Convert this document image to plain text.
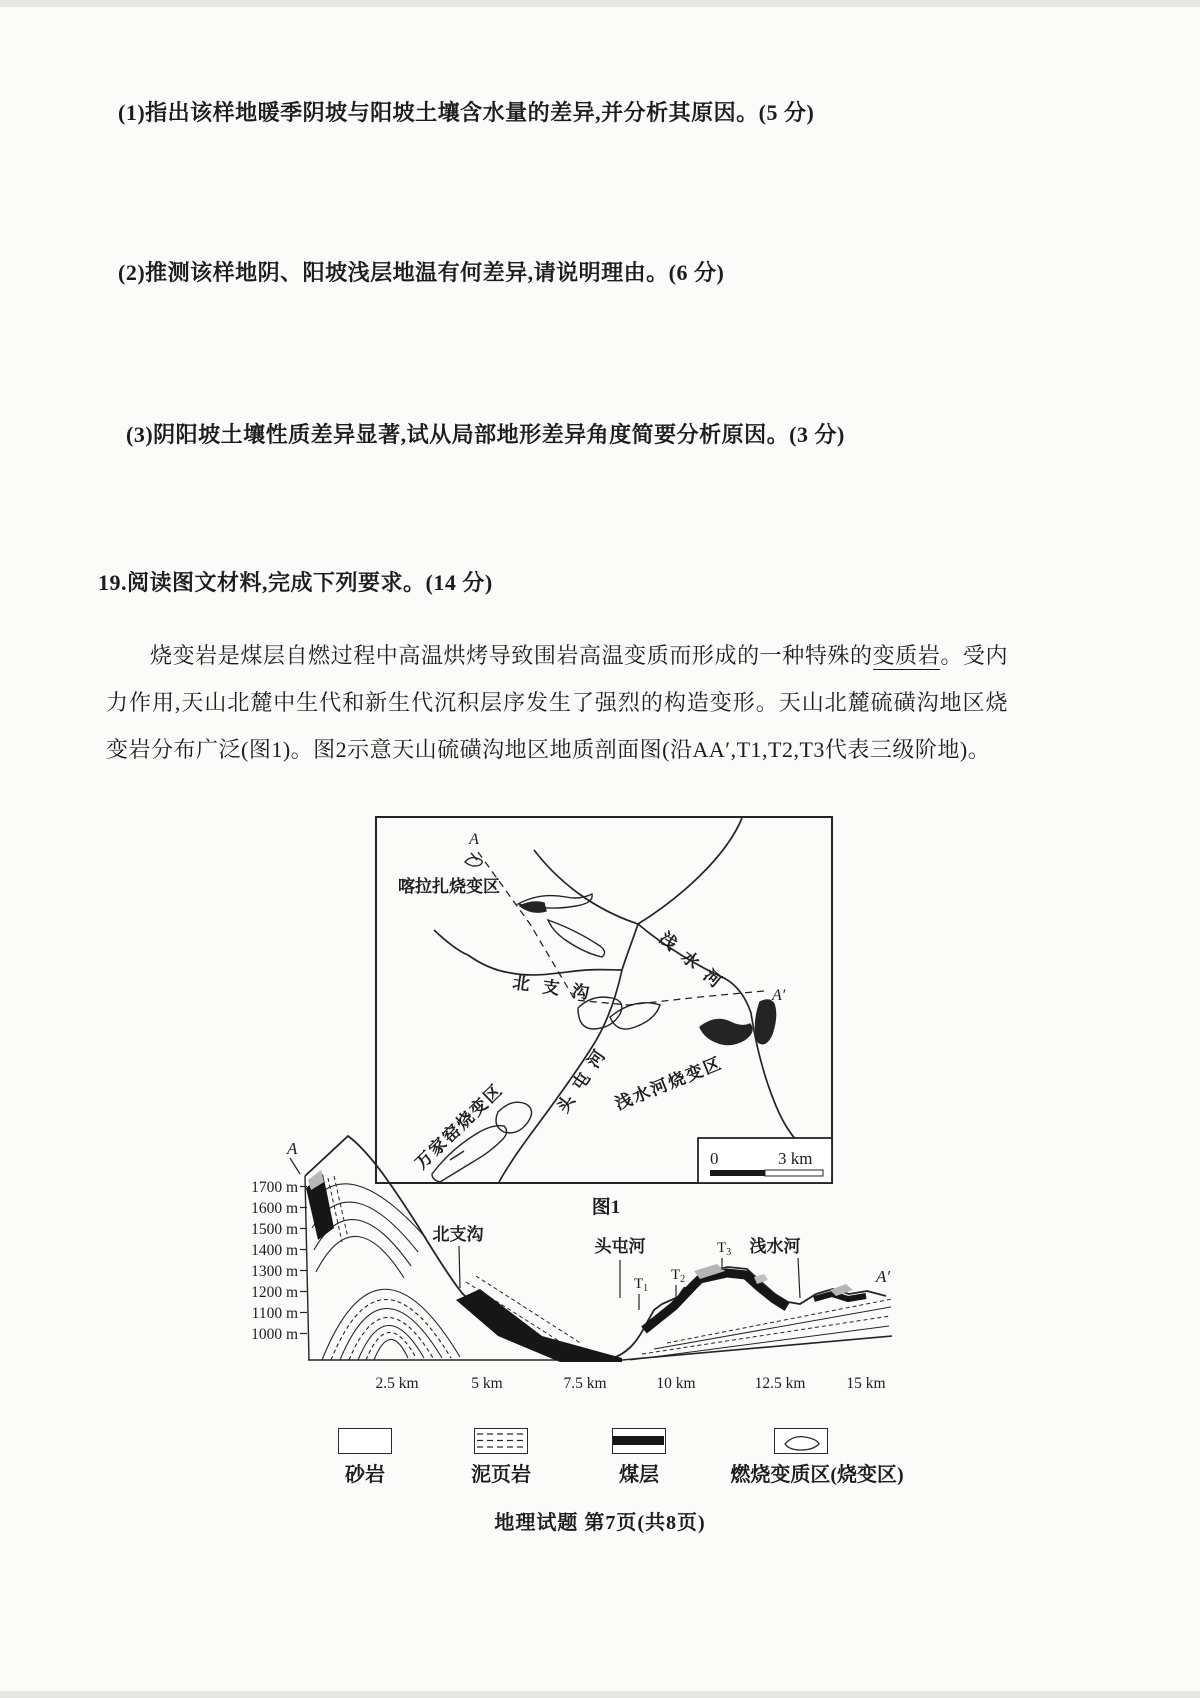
(1)指出该样地暖季阴坡与阳坡土壤含水量的差异,并分析其原因。(5 分)
(2)推测该样地阴、阳坡浅层地温有何差异,请说明理由。(6 分)
(3)阴阳坡土壤性质差异显著,试从局部地形差异角度简要分析原因。(3 分)
19.阅读图文材料,完成下列要求。(14 分)
烧变岩是煤层自燃过程中高温烘烤导致围岩高温变质而形成的一种特殊的变质岩。受内力作用,天山北麓中生代和新生代沉积层序发生了强烈的构造变形。天山北麓硫磺沟地区烧变岩分布广泛(图1)。图2示意天山硫磺沟地区地质剖面图(沿AA′,T1,T2,T3代表三级阶地)。
A
A′
喀拉扎烧变区
北支沟	浅水河
头屯河
浅水河烧变区
万家窑烧变区	0	3 km
图1
1700 m
1600 m
1500 m
1400 m
1300 m
1200 m
1100 m
1000 m
2.5 km	5 km	7.5 km	10 km	12.5 km	15 km
A
A′
北支沟
头屯河	浅水河
$T_1$
$T_2$
$T_3$
砂岩	泥页岩	煤层	燃烧变质区(烧变区)
地理试题 第7页(共8页)
